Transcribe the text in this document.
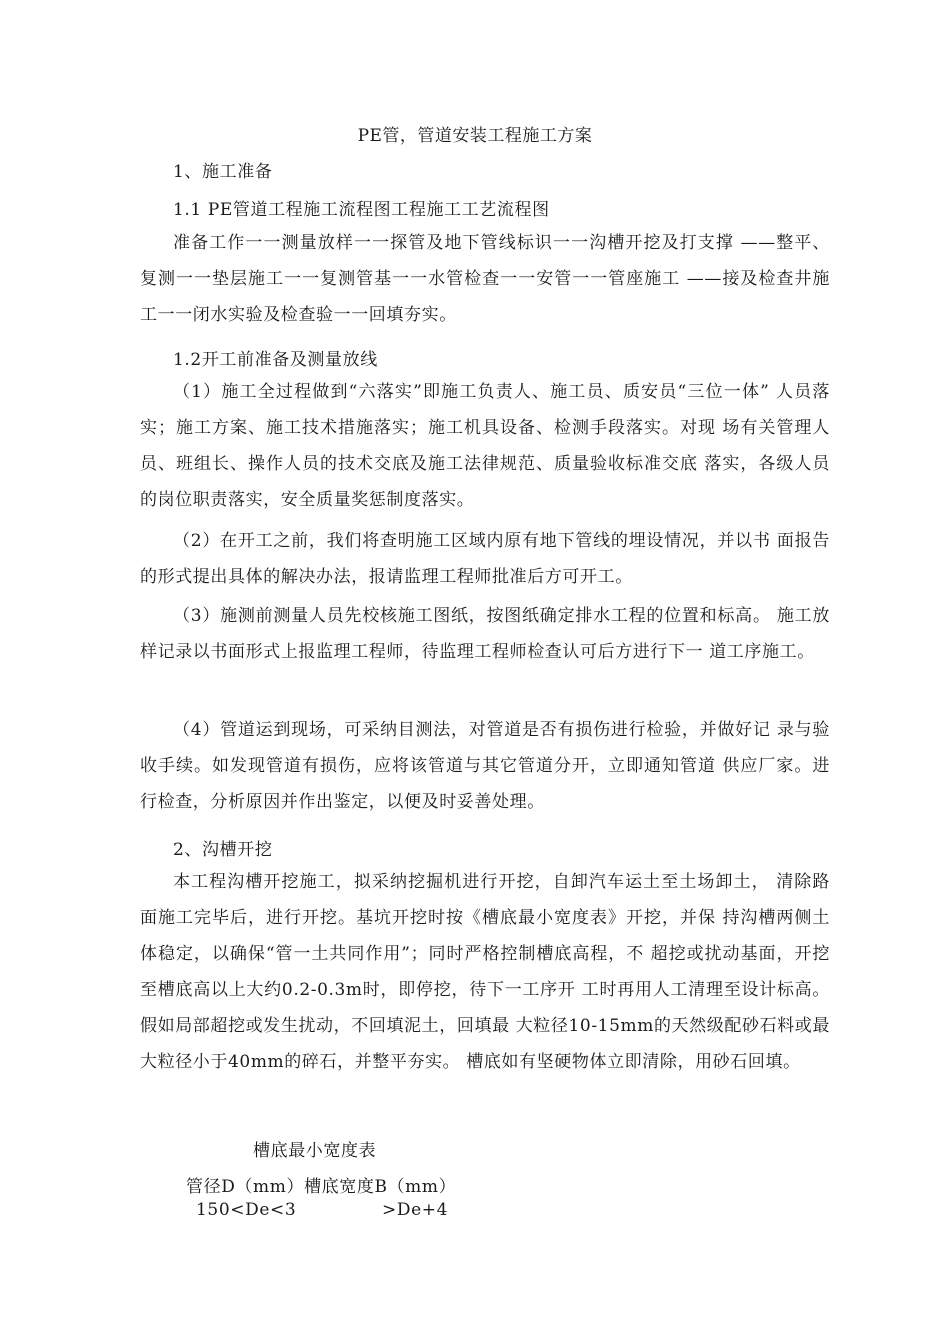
PE管，管道安装工程施工方案
1、施工准备
1.1 PE管道工程施工流程图工程施工工艺流程图

准备工作一一测量放样一一探管及地下管线标识一一沟槽开挖及打支撑 ——整平、复测一一垫层施工一一复测管基一一水管检查一一安管一一管座施工 ——接及检查井施工一一闭水实验及检查验一一回填夯实。

1.2开工前准备及测量放线

（1）施工全过程做到“六落实”即施工负责人、施工员、质安员“三位一体” 人员落实；施工方案、施工技术措施落实；施工机具设备、检测手段落实。对现 场有关管理人员、班组长、操作人员的技术交底及施工法律规范、质量验收标准交底 落实，各级人员的岗位职责落实，安全质量奖惩制度落实。

（2）在开工之前，我们将查明施工区域内原有地下管线的埋设情况，并以书 面报告的形式提出具体的解决办法，报请监理工程师批准后方可开工。

（3）施测前测量人员先校核施工图纸，按图纸确定排水工程的位置和标高。 施工放样记录以书面形式上报监理工程师，待监理工程师检查认可后方进行下一 道工序施工。

（4）管道运到现场，可采纳目测法，对管道是否有损伤进行检验，并做好记 录与验收手续。如发现管道有损伤，应将该管道与其它管道分开，立即通知管道 供应厂家。进行检查，分析原因并作出鉴定，以便及时妥善处理。

2、沟槽开挖

本工程沟槽开挖施工，拟采纳挖掘机进行开挖，自卸汽车运土至土场卸土， 清除路面施工完毕后，进行开挖。基坑开挖时按《槽底最小宽度表》开挖，并保 持沟槽两侧土体稳定，以确保“管一土共同作用”；同时严格控制槽底高程，不 超挖或扰动基面，开挖至槽底高以上大约0.2-0.3m时，即停挖，待下一工序开 工时再用人工清理至设计标高。假如局部超挖或发生扰动，不回填泥土，回填最 大粒径10-15mm的天然级配砂石料或最大粒径小于40mm的碎石，并整平夯实。 槽底如有坚硬物体立即清除，用砂石回填。

槽底最小宽度表
管径D（mm）槽底宽度B（mm）
150<De<3	>De+4
